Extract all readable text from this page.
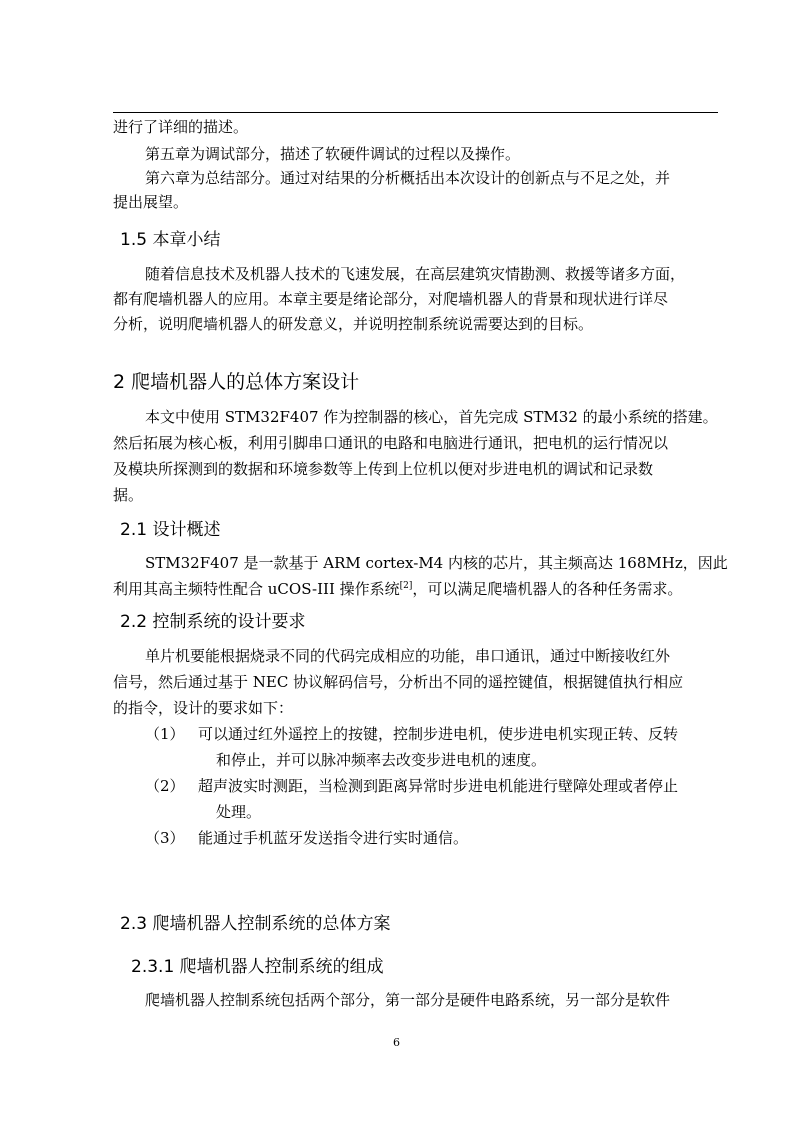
进行了详细的描述。
第五章为调试部分，描述了软硬件调试的过程以及操作。
第六章为总结部分。通过对结果的分析概括出本次设计的创新点与不足之处，并
提出展望。
1.5 本章小结
随着信息技术及机器人技术的飞速发展，在高层建筑灾情勘测、救援等诸多方面，
都有爬墙机器人的应用。本章主要是绪论部分，对爬墙机器人的背景和现状进行详尽
分析，说明爬墙机器人的研发意义，并说明控制系统说需要达到的目标。
2 爬墙机器人的总体方案设计
本文中使用 STM32F407 作为控制器的核心，首先完成 STM32 的最小系统的搭建。
然后拓展为核心板，利用引脚串口通讯的电路和电脑进行通讯，把电机的运行情况以
及模块所探测到的数据和环境参数等上传到上位机以便对步进电机的调试和记录数
据。
2.1 设计概述
STM32F407 是一款基于 ARM cortex-M4 内核的芯片，其主频高达 168MHz，因此
利用其高主频特性配合 uCOS-III 操作系统[2]，可以满足爬墙机器人的各种任务需求。
2.2 控制系统的设计要求
单片机要能根据烧录不同的代码完成相应的功能，串口通讯，通过中断接收红外
信号，然后通过基于 NEC 协议解码信号，分析出不同的遥控键值，根据键值执行相应
的指令，设计的要求如下：
（1） 可以通过红外遥控上的按键，控制步进电机，使步进电机实现正转、反转
和停止，并可以脉冲频率去改变步进电机的速度。
（2） 超声波实时测距，当检测到距离异常时步进电机能进行壁障处理或者停止
处理。
（3） 能通过手机蓝牙发送指令进行实时通信。
2.3 爬墙机器人控制系统的总体方案
2.3.1 爬墙机器人控制系统的组成
爬墙机器人控制系统包括两个部分，第一部分是硬件电路系统，另一部分是软件
6
